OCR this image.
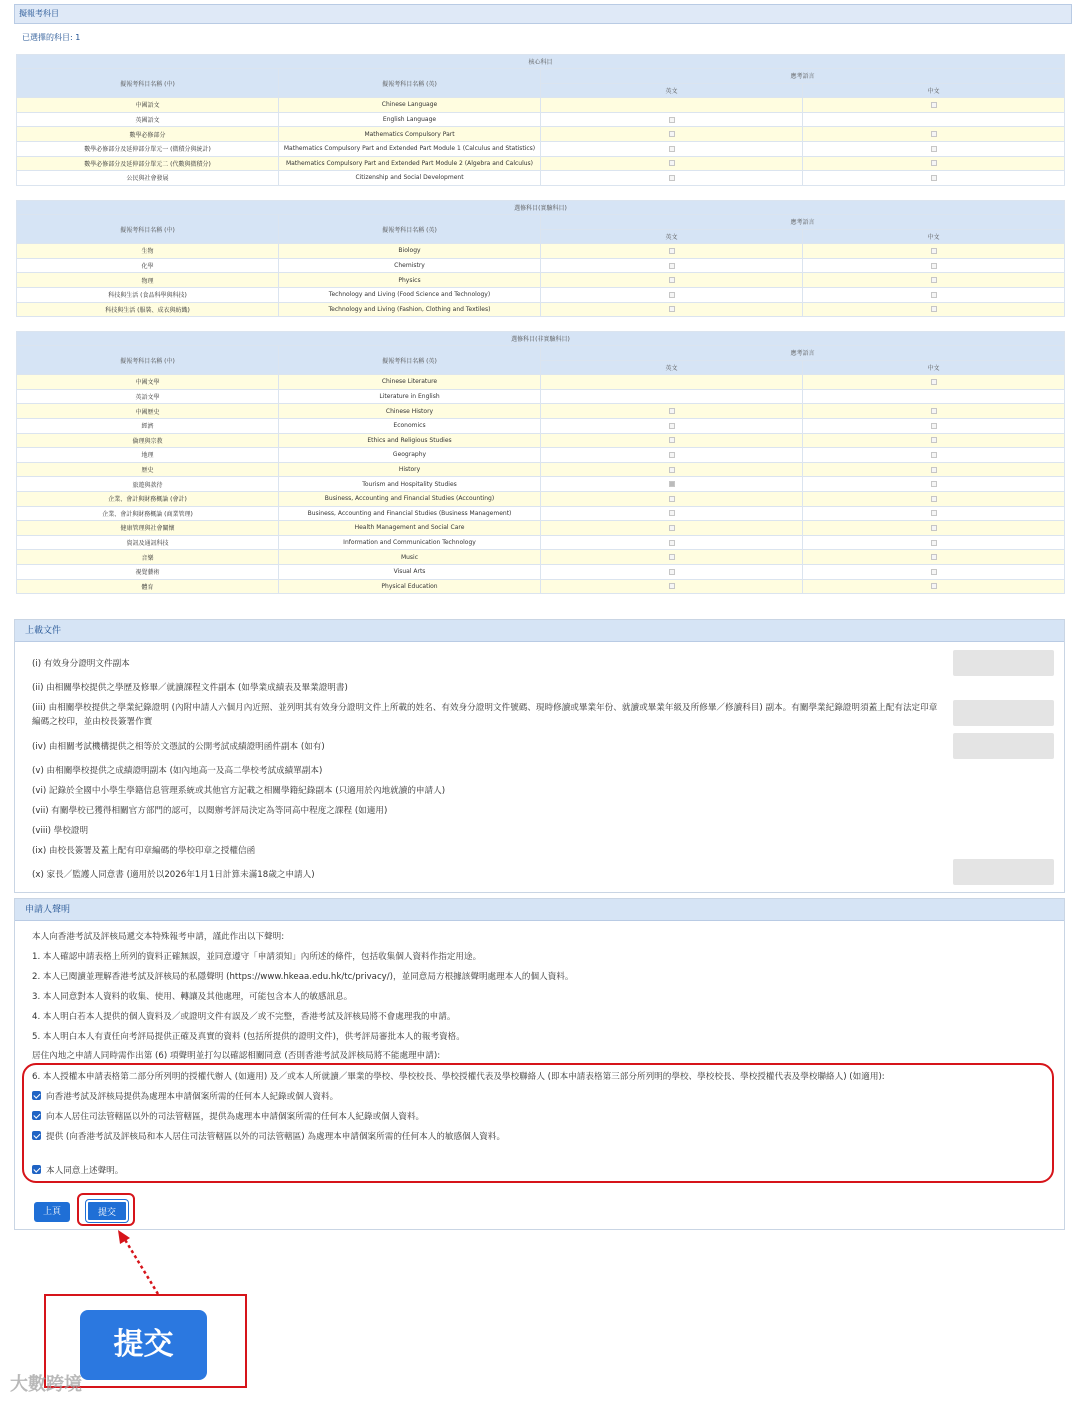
擬報考科目
已選擇的科目: 1
核心科目			
擬報考科目名稱 (中)	擬報考科目名稱 (英)	應考語言	
		英文	中文
中國語文	Chinese Language		
英國語文	English Language		
數學必修部分	Mathematics Compulsory Part		
數學必修部分及延伸部分單元一 (微積分與統計)	Mathematics Compulsory Part and Extended Part Module 1 (Calculus and Statistics)		
數學必修部分及延伸部分單元二 (代數與微積分)	Mathematics Compulsory Part and Extended Part Module 2 (Algebra and Calculus)		
公民與社會發展	Citizenship and Social Development		
選修科目(實驗科目)			
擬報考科目名稱 (中)	擬報考科目名稱 (英)	應考語言	
		英文	中文
生物	Biology		
化學	Chemistry		
物理	Physics		
科技與生活 (食品科學與科技)	Technology and Living (Food Science and Technology)		
科技與生活 (服裝、成衣與紡織)	Technology and Living (Fashion, Clothing and Textiles)		
選修科目(非實驗科目)			
擬報考科目名稱 (中)	擬報考科目名稱 (英)	應考語言	
		英文	中文
中國文學	Chinese Literature		
英語文學	Literature in English		
中國歷史	Chinese History		
經濟	Economics		
倫理與宗教	Ethics and Religious Studies		
地理	Geography		
歷史	History		
旅遊與款待	Tourism and Hospitality Studies		
企業、會計與財務概論 (會計)	Business, Accounting and Financial Studies (Accounting)		
企業、會計與財務概論 (商業管理)	Business, Accounting and Financial Studies (Business Management)		
健康管理與社會關懷	Health Management and Social Care		
資訊及通訊科技	Information and Communication Technology		
音樂	Music		
視覺藝術	Visual Arts		
體育	Physical Education		
上載文件
(i) 有效身分證明文件副本
(ii) 由相關學校提供之學歷及修畢／就讀課程文件副本 (如學業成績表及畢業證明書)
(iii) 由相關學校提供之學業紀錄證明 (內附申請人六個月內近照、並列明其有效身分證明文件上所載的姓名、有效身分證明文件號碼、現時修讀或畢業年份、就讀或畢業年級及所修畢／修讀科目) 副本。有關學業紀錄證明須蓋上配有法定印章編碼之校印，並由校長簽署作實
(iv) 由相關考試機構提供之相等於文憑試的公開考試成績證明函件副本 (如有)
(v) 由相關學校提供之成績證明副本 (如內地高一及高二學校考試成績單副本)
(vi) 記錄於全國中小學生學籍信息管理系統或其他官方記載之相關學籍紀錄副本 (只適用於內地就讀的申請人)
(vii) 有關學校已獲得相關官方部門的認可，以閱辦考評局決定為等同高中程度之課程 (如適用)
(viii) 學校證明
(ix) 由校長簽署及蓋上配有印章編碼的學校印章之授權信函
(x) 家長／監護人同意書 (適用於以2026年1月1日計算未滿18歲之申請人)
申請人聲明
本人向香港考試及評核局遞交本特殊報考申請，謹此作出以下聲明:
1. 本人確認申請表格上所列的資料正確無誤，並同意遵守「申請須知」內所述的條件，包括收集個人資料作指定用途。
2. 本人已閱讀並理解香港考試及評核局的私隱聲明 (https://www.hkeaa.edu.hk/tc/privacy/)，並同意局方根據該聲明處理本人的個人資料。
3. 本人同意對本人資料的收集、使用、轉讓及其他處理，可能包含本人的敏感訊息。
4. 本人明白若本人提供的個人資料及／或證明文件有誤及／或不完整，香港考試及評核局將不會處理我的申請。
5. 本人明白本人有責任向考評局提供正確及真實的資料 (包括所提供的證明文件)，供考評局審批本人的報考資格。
居住內地之申請人同時需作出第 (6) 項聲明並打勾以確認相關同意 (否則香港考試及評核局將不能處理申請):
6. 本人授權本申請表格第二部分所列明的授權代辦人 (如適用) 及／或本人所就讀／畢業的學校、學校校長、學校授權代表及學校聯絡人 (即本申請表格第三部分所列明的學校、學校校長、學校授權代表及學校聯絡人) (如適用):
向香港考試及評核局提供為處理本申請個案所需的任何本人紀錄或個人資料。
向本人居住司法管轄區以外的司法管轄區，提供為處理本申請個案所需的任何本人紀錄或個人資料。
提供 (向香港考試及評核局和本人居住司法管轄區以外的司法管轄區) 為處理本申請個案所需的任何本人的敏感個人資料。
本人同意上述聲明。
上頁	提交
提交
大數跨境
